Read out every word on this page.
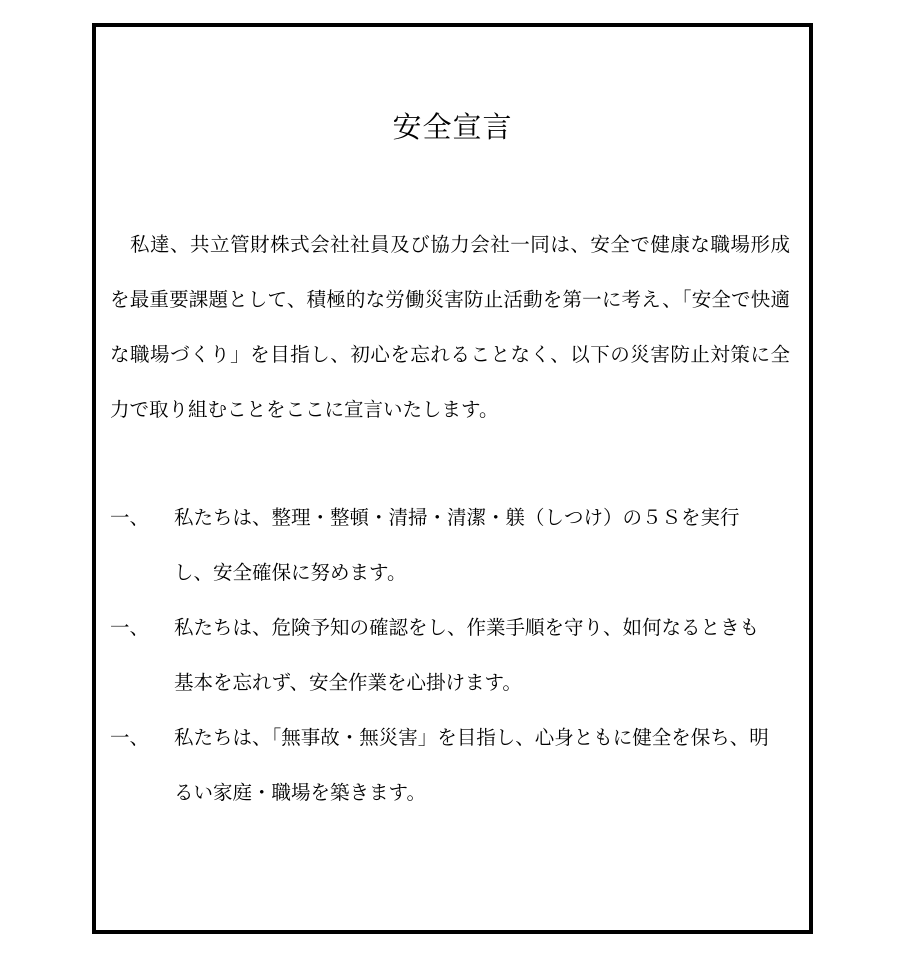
安全宣言

私達、共立管財株式会社社員及び協力会社一同は、安全で健康な職場形成を最重要課題として、積極的な労働災害防止活動を第一に考え、「安全で快適な職場づくり」を目指し、初心を忘れることなく、以下の災害防止対策に全力で取り組むことをここに宣言いたします。

一、 私たちは、整理・整頓・清掃・清潔・躾（しつけ）の５Ｓを実行し、安全確保に努めます。
一、 私たちは、危険予知の確認をし、作業手順を守り、如何なるときも基本を忘れず、安全作業を心掛けます。
一、 私たちは、「無事故・無災害」を目指し、心身ともに健全を保ち、明るい家庭・職場を築きます。
